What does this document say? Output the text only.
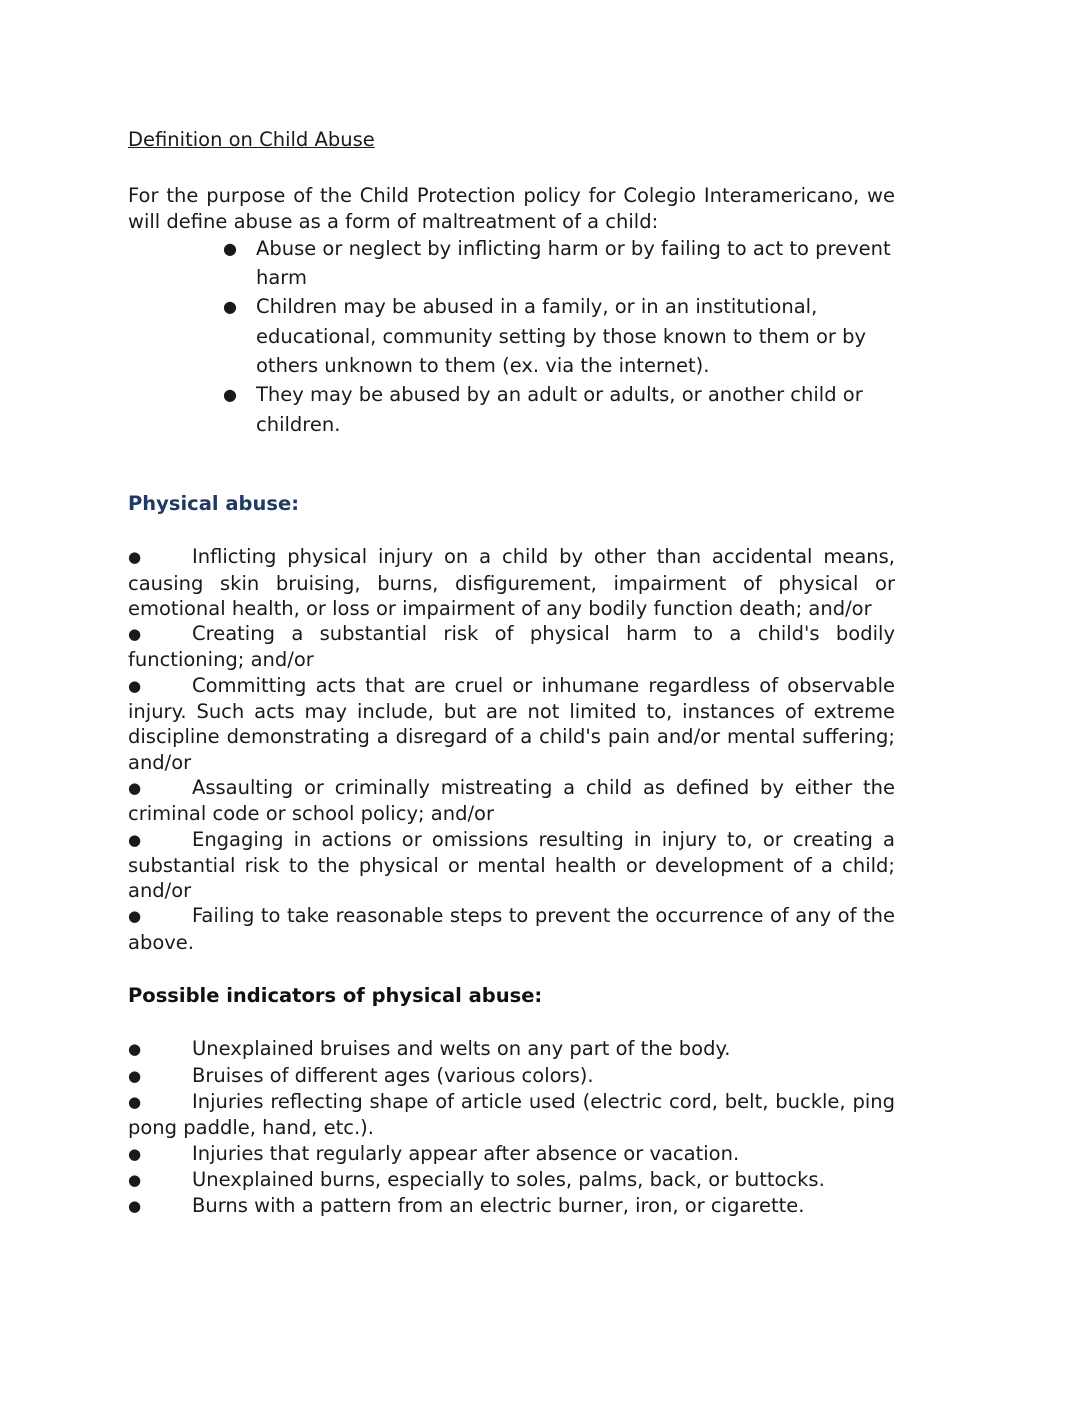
Definition on Child Abuse

For the purpose of the Child Protection policy for Colegio Interamericano, we will define abuse as a form of maltreatment of a child:

● Abuse or neglect by inflicting harm or by failing to act to prevent harm
● Children may be abused in a family, or in an institutional, educational, community setting by those known to them or by others unknown to them (ex. via the internet).
● They may be abused by an adult or adults, or another child or children.
Physical abuse:
●	Inflicting physical injury on a child by other than accidental means, causing skin bruising, burns, disfigurement, impairment of physical or emotional health, or loss or impairment of any bodily function death; and/or
●	Creating a substantial risk of physical harm to a child's bodily functioning; and/or
●	Committing acts that are cruel or inhumane regardless of observable injury. Such acts may include, but are not limited to, instances of extreme discipline demonstrating a disregard of a child's pain and/or mental suffering; and/or
●	Assaulting or criminally mistreating a child as defined by either the criminal code or school policy; and/or
●	Engaging in actions or omissions resulting in injury to, or creating a substantial risk to the physical or mental health or development of a child; and/or
●	Failing to take reasonable steps to prevent the occurrence of any of the above.
Possible indicators of physical abuse:
●	Unexplained bruises and welts on any part of the body.
●	Bruises of different ages (various colors).
●	Injuries reflecting shape of article used (electric cord, belt, buckle, ping pong paddle, hand, etc.).
●	Injuries that regularly appear after absence or vacation.
●	Unexplained burns, especially to soles, palms, back, or buttocks.
●	Burns with a pattern from an electric burner, iron, or cigarette.
